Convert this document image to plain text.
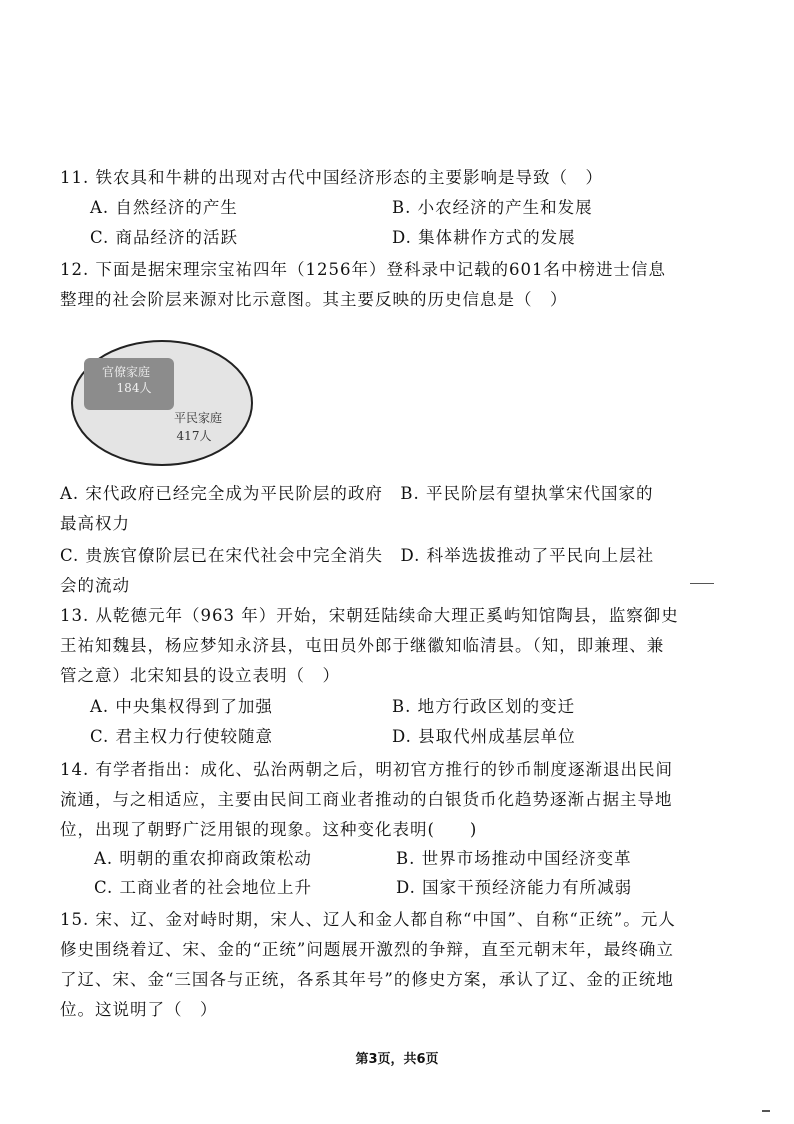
11. 铁农具和牛耕的出现对古代中国经济形态的主要影响是导致（　）
A. 自然经济的产生	B. 小农经济的产生和发展
C. 商品经济的活跃	D. 集体耕作方式的发展
12. 下面是据宋理宗宝祐四年（1256年）登科录中记载的601名中榜进士信息
整理的社会阶层来源对比示意图。其主要反映的历史信息是（　）
官僚家庭
184人
平民家庭
417人
A. 宋代政府已经完全成为平民阶层的政府　B. 平民阶层有望执掌宋代国家的
最高权力
C. 贵族官僚阶层已在宋代社会中完全消失　D. 科举选拔推动了平民向上层社
会的流动
13. 从乾德元年（963 年）开始，宋朝廷陆续命大理正奚屿知馆陶县，监察御史
王祐知魏县，杨应梦知永济县，屯田员外郎于继徽知临清县。（知，即兼理、兼
管之意）北宋知县的设立表明（　）
A. 中央集权得到了加强	B. 地方行政区划的变迁
C. 君主权力行使较随意	D. 县取代州成基层单位
14. 有学者指出：成化、弘治两朝之后，明初官方推行的钞币制度逐渐退出民间
流通，与之相适应，主要由民间工商业者推动的白银货币化趋势逐渐占据主导地
位，出现了朝野广泛用银的现象。这种变化表明(　　)
A. 明朝的重农抑商政策松动	B. 世界市场推动中国经济变革
C. 工商业者的社会地位上升	D. 国家干预经济能力有所减弱
15. 宋、辽、金对峙时期，宋人、辽人和金人都自称“中国”、自称“正统”。元人
修史围绕着辽、宋、金的“正统”问题展开激烈的争辩，直至元朝末年，最终确立
了辽、宋、金“三国各与正统，各系其年号”的修史方案，承认了辽、金的正统地
位。这说明了（　）
第3页，共6页
